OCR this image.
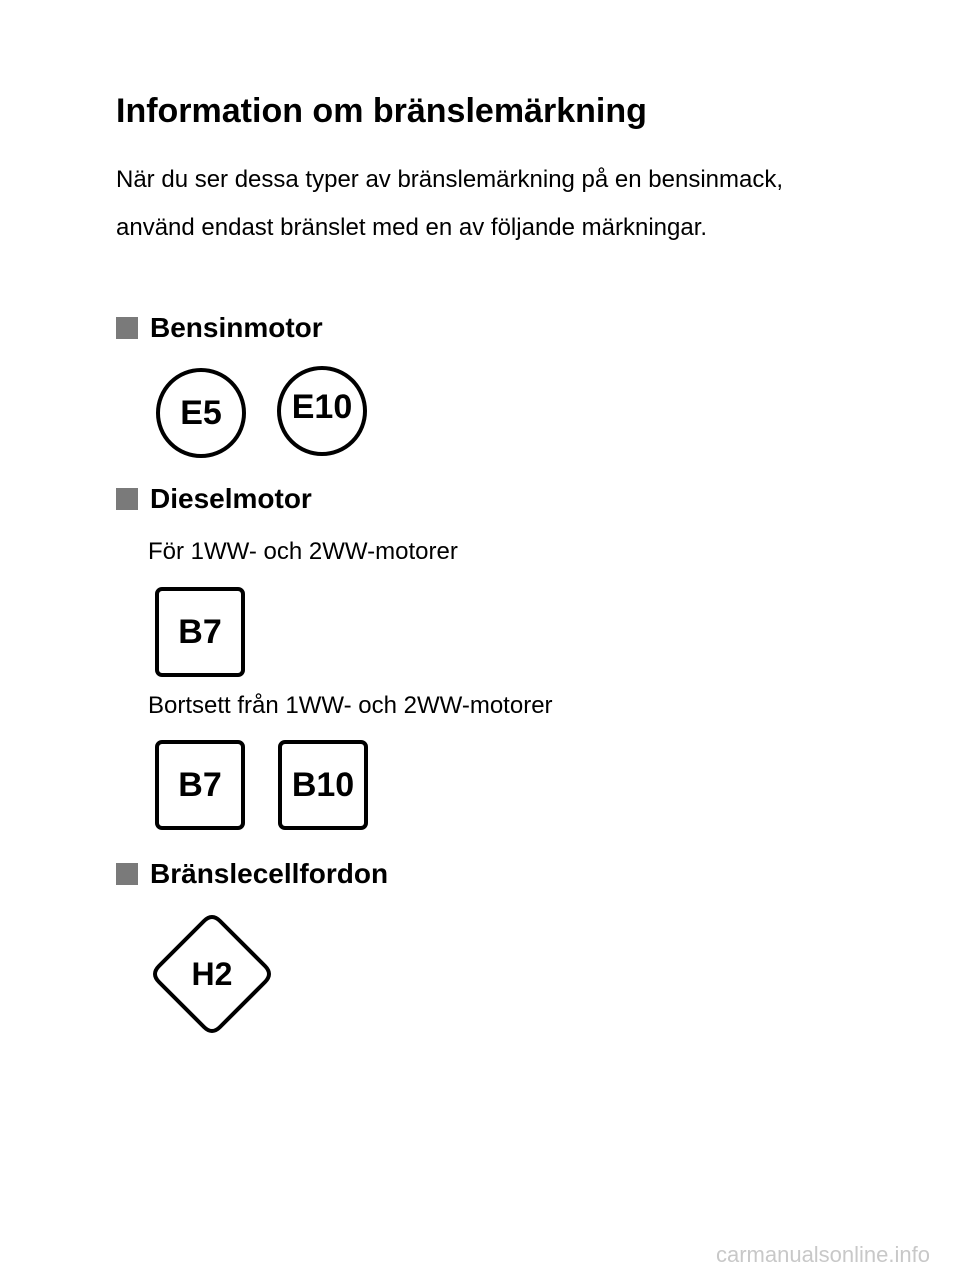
Information om bränslemärkning

När du ser dessa typer av bränslemärkning på en bensinmack, använd endast bränslet med en av följande märkningar.

Bensinmotor
E5 E10
Dieselmotor

För 1WW- och 2WW-motorer

B7

Bortsett från 1WW- och 2WW-motorer

B7 B10
Bränslecellfordon
H2

carmanualsonline.info
